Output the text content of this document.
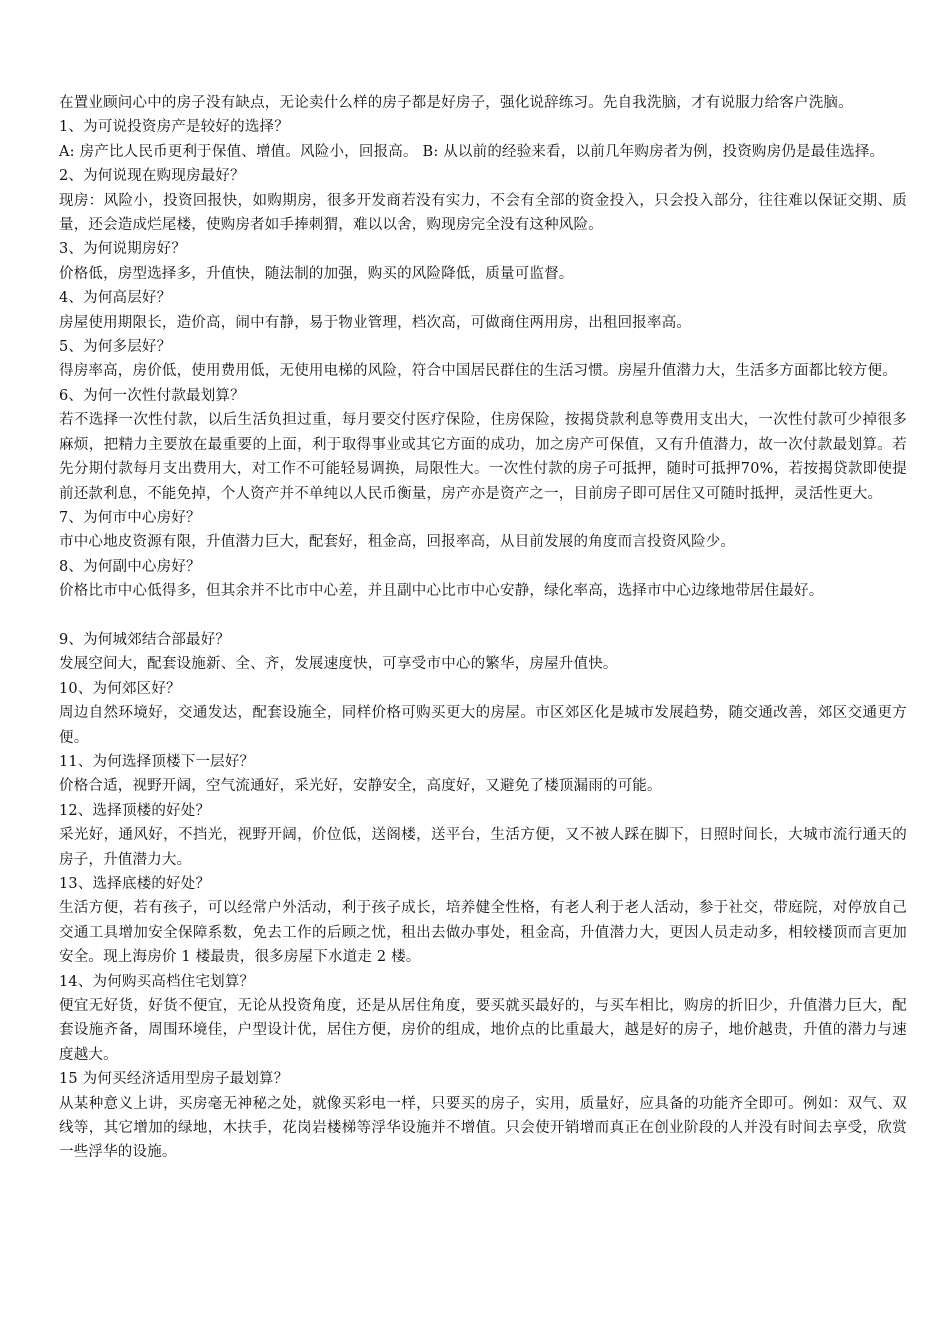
在置业顾问心中的房子没有缺点，无论卖什么样的房子都是好房子，强化说辞练习。先自我洗脑，才有说服力给客户洗脑。

1、为可说投资房产是较好的选择？

A: 房产比人民币更利于保值、增值。风险小，回报高。 B: 从以前的经验来看，以前几年购房者为例，投资购房仍是最佳选择。

2、为何说现在购现房最好？

现房：风险小，投资回报快，如购期房，很多开发商若没有实力，不会有全部的资金投入，只会投入部分，往往难以保证交期、质量，还会造成烂尾楼，使购房者如手捧刺猬，难以以舍，购现房完全没有这种风险。

3、为何说期房好？

价格低，房型选择多，升值快，随法制的加强，购买的风险降低，质量可监督。

4、为何高层好？

房屋使用期限长，造价高，闹中有静，易于物业管理，档次高，可做商住两用房，出租回报率高。

5、为何多层好？

得房率高，房价低，使用费用低，无使用电梯的风险，符合中国居民群住的生活习惯。房屋升值潜力大，生活多方面都比较方便。

6、为何一次性付款最划算？

若不选择一次性付款，以后生活负担过重，每月要交付医疗保险，住房保险，按揭贷款利息等费用支出大，一次性付款可少掉很多麻烦，把精力主要放在最重要的上面，利于取得事业或其它方面的成功，加之房产可保值，又有升值潜力，故一次付款最划算。若先分期付款每月支出费用大，对工作不可能轻易调换，局限性大。一次性付款的房子可抵押，随时可抵押70%，若按揭贷款即使提前还款利息，不能免掉，个人资产并不单纯以人民币衡量，房产亦是资产之一，目前房子即可居住又可随时抵押，灵活性更大。

7、为何市中心房好？

市中心地皮资源有限，升值潜力巨大，配套好，租金高，回报率高，从目前发展的角度而言投资风险少。

8、为何副中心房好？

价格比市中心低得多，但其余并不比市中心差，并且副中心比市中心安静，绿化率高，选择市中心边缘地带居住最好。

9、为何城郊结合部最好？

发展空间大，配套设施新、全、齐，发展速度快，可享受市中心的繁华，房屋升值快。

10、为何郊区好？

周边自然环境好，交通发达，配套设施全，同样价格可购买更大的房屋。市区郊区化是城市发展趋势，随交通改善，郊区交通更方便。

11、为何选择顶楼下一层好？

价格合适，视野开阔，空气流通好，采光好，安静安全，高度好，又避免了楼顶漏雨的可能。

12、选择顶楼的好处？

采光好，通风好，不挡光，视野开阔，价位低，送阁楼，送平台，生活方便，又不被人踩在脚下，日照时间长，大城市流行通天的房子，升值潜力大。

13、选择底楼的好处？

生活方便，若有孩子，可以经常户外活动，利于孩子成长，培养健全性格，有老人利于老人活动，参于社交，带庭院，对停放自己交通工具增加安全保障系数，免去工作的后顾之忧，租出去做办事处，租金高，升值潜力大，更因人员走动多，相较楼顶而言更加安全。现上海房价 1 楼最贵，很多房屋下水道走 2 楼。

14、为何购买高档住宅划算？

便宜无好货，好货不便宜，无论从投资角度，还是从居住角度，要买就买最好的，与买车相比，购房的折旧少，升值潜力巨大，配套设施齐备，周围环境佳，户型设计优，居住方便，房价的组成，地价点的比重最大，越是好的房子，地价越贵，升值的潜力与速度越大。

15 为何买经济适用型房子最划算？

从某种意义上讲，买房毫无神秘之处，就像买彩电一样，只要买的房子，实用，质量好，应具备的功能齐全即可。例如：双气、双线等，其它增加的绿地，木扶手，花岗岩楼梯等浮华设施并不增值。只会使开销增而真正在创业阶段的人并没有时间去享受，欣赏一些浮华的设施。
